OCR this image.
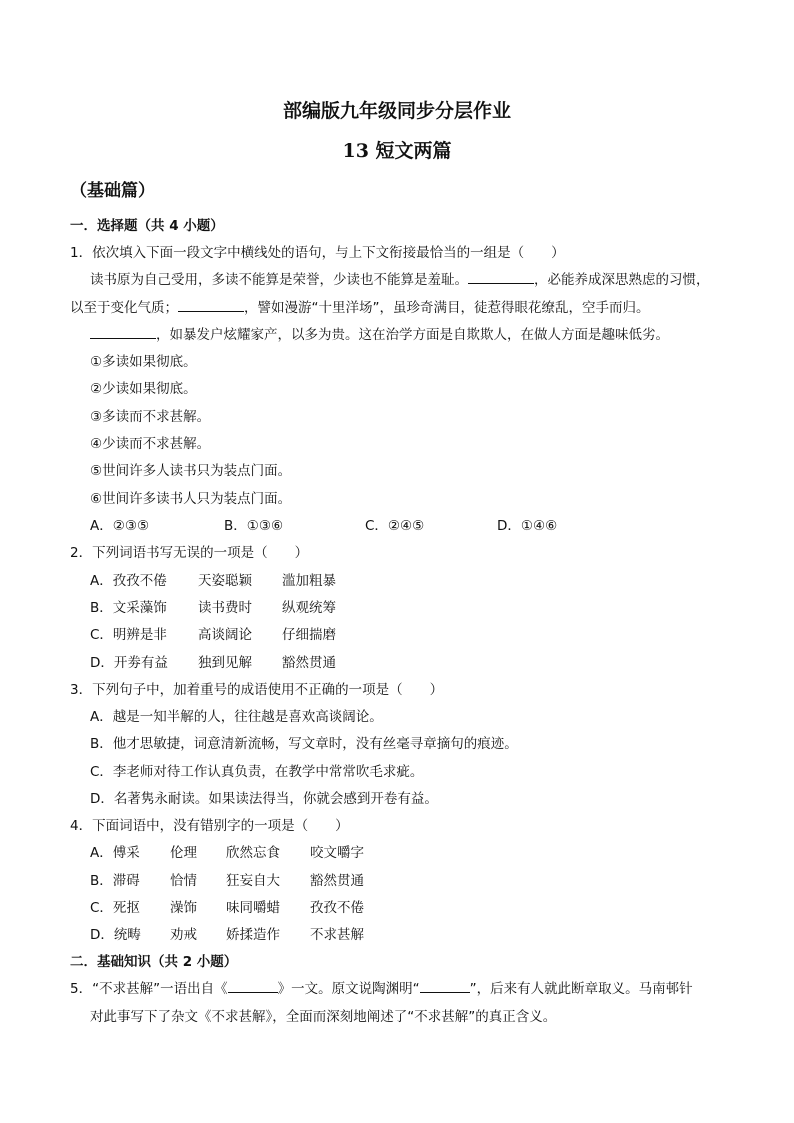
部编版九年级同步分层作业
13 短文两篇
（基础篇）
一．选择题（共 4 小题）
1．依次填入下面一段文字中横线处的语句，与上下文衔接最恰当的一组是（　　）
读书原为自己受用，多读不能算是荣誉，少读也不能算是羞耻。	，必能养成深思熟虑的习惯，
以至于变化气质；	，譬如漫游“十里洋场”，虽珍奇满目，徒惹得眼花缭乱，空手而归。
，如暴发户炫耀家产，以多为贵。这在治学方面是自欺欺人，在做人方面是趣味低劣。
①多读如果彻底。
②少读如果彻底。
③多读而不求甚解。
④少读而不求甚解。
⑤世间许多人读书只为装点门面。
⑥世间许多读书人只为装点门面。
A．②③⑤	B．①③⑥	C．②④⑤	D．①④⑥
2．下列词语书写无误的一项是（　　）
A．孜孜不倦 天姿聪颖 滥加粗暴
B．文采藻饰 读书费时 纵观统筹
C．明辨是非 高谈阔论 仔细揣磨
D．开劵有益 独到见解 豁然贯通
3．下列句子中，加着重号的成语使用不正确的一项是（　　）
A．越是一知半解的人，往往越是喜欢高谈阔论。
B．他才思敏捷，词意清新流畅，写文章时，没有丝毫寻章摘句的痕迹。
C．李老师对待工作认真负责，在教学中常常吹毛求疵。
D．名著隽永耐读。如果读法得当，你就会感到开卷有益。
4．下面词语中，没有错别字的一项是（　　）
A．傅采 伦理 欣然忘食 咬文嚼字
B．滞碍 恰情 狂妄自大 豁然贯通
C．死抠 澡饰 味同嚼蜡 孜孜不倦
D．统畴 劝戒 娇揉造作 不求甚解
二．基础知识（共 2 小题）
5．“不求甚解”一语出自《	》一文。原文说陶渊明“	”，后来有人就此断章取义。马南邨针
对此事写下了杂文《不求甚解》，全面而深刻地阐述了“不求甚解”的真正含义。
